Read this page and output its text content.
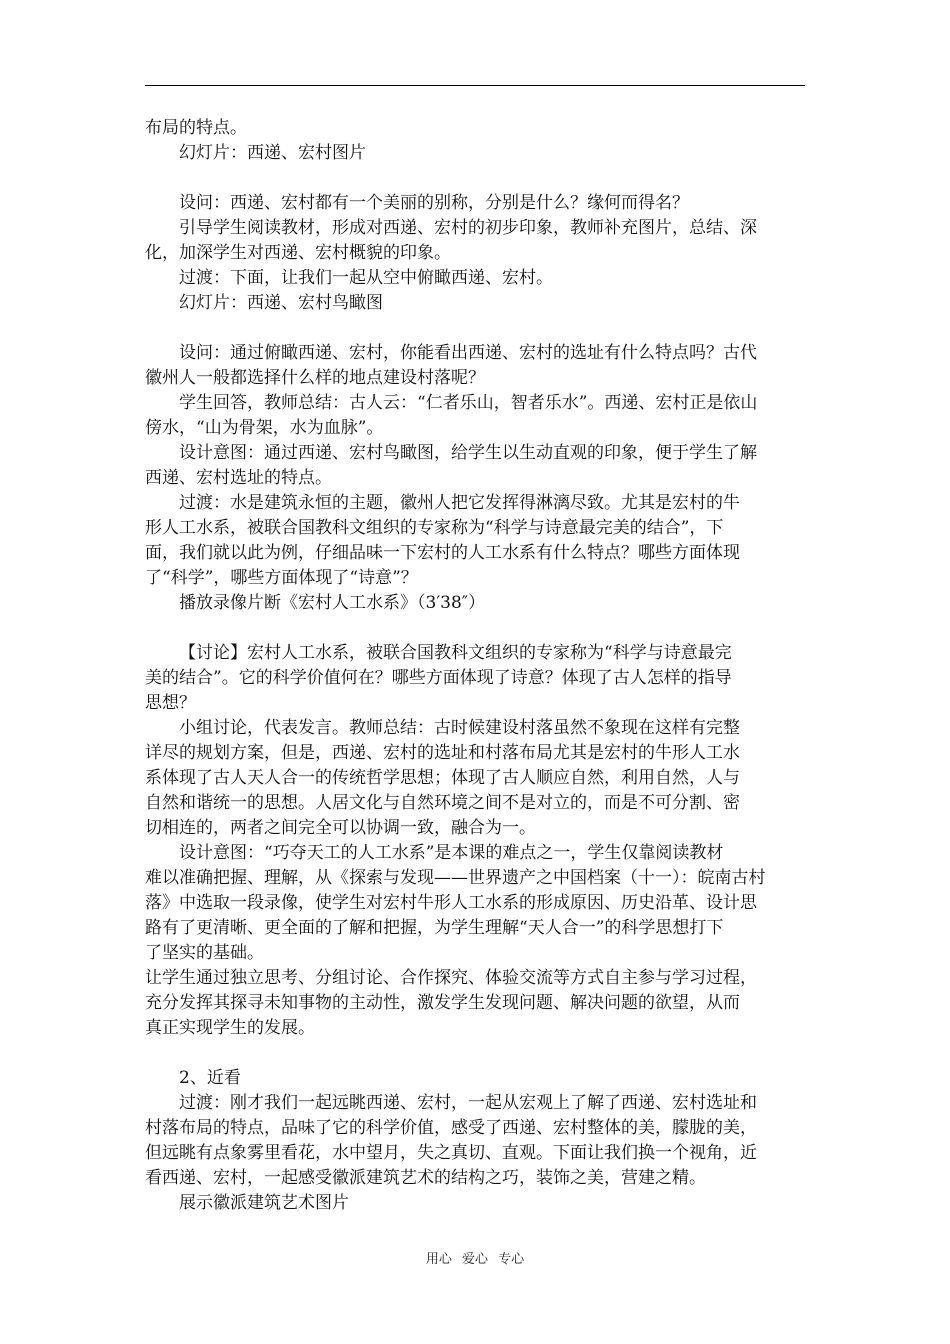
布局的特点。
幻灯片：西递、宏村图片
设问：西递、宏村都有一个美丽的别称，分别是什么？缘何而得名？
引导学生阅读教材，形成对西递、宏村的初步印象，教师补充图片，总结、深
化，加深学生对西递、宏村概貌的印象。
过渡：下面，让我们一起从空中俯瞰西递、宏村。
幻灯片：西递、宏村鸟瞰图
设问：通过俯瞰西递、宏村，你能看出西递、宏村的选址有什么特点吗？古代
徽州人一般都选择什么样的地点建设村落呢？
学生回答，教师总结：古人云：“仁者乐山，智者乐水”。西递、宏村正是依山
傍水，“山为骨架，水为血脉”。
设计意图：通过西递、宏村鸟瞰图，给学生以生动直观的印象，便于学生了解
西递、宏村选址的特点。
过渡：水是建筑永恒的主题，徽州人把它发挥得淋漓尽致。尤其是宏村的牛
形人工水系，被联合国教科文组织的专家称为“科学与诗意最完美的结合”，下
面，我们就以此为例，仔细品味一下宏村的人工水系有什么特点？哪些方面体现
了“科学”，哪些方面体现了“诗意”？
播放录像片断《宏村人工水系》（3′38″）
【讨论】宏村人工水系，被联合国教科文组织的专家称为“科学与诗意最完
美的结合”。它的科学价值何在？哪些方面体现了诗意？体现了古人怎样的指导
思想？
小组讨论，代表发言。教师总结：古时候建设村落虽然不象现在这样有完整
详尽的规划方案，但是，西递、宏村的选址和村落布局尤其是宏村的牛形人工水
系体现了古人天人合一的传统哲学思想；体现了古人顺应自然，利用自然，人与
自然和谐统一的思想。人居文化与自然环境之间不是对立的，而是不可分割、密
切相连的，两者之间完全可以协调一致，融合为一。
设计意图：“巧夺天工的人工水系”是本课的难点之一，学生仅靠阅读教材
难以准确把握、理解，从《探索与发现——世界遗产之中国档案（十一）：皖南古村
落》中选取一段录像，使学生对宏村牛形人工水系的形成原因、历史沿革、设计思
路有了更清晰、更全面的了解和把握，为学生理解“天人合一”的科学思想打下
了坚实的基础。
让学生通过独立思考、分组讨论、合作探究、体验交流等方式自主参与学习过程，
充分发挥其探寻未知事物的主动性，激发学生发现问题、解决问题的欲望，从而
真正实现学生的发展。
2、近看
过渡：刚才我们一起远眺西递、宏村，一起从宏观上了解了西递、宏村选址和
村落布局的特点，品味了它的科学价值，感受了西递、宏村整体的美，朦胧的美，
但远眺有点象雾里看花，水中望月，失之真切、直观。下面让我们换一个视角，近
看西递、宏村，一起感受徽派建筑艺术的结构之巧，装饰之美，营建之精。
展示徽派建筑艺术图片
用心 爱心 专心
